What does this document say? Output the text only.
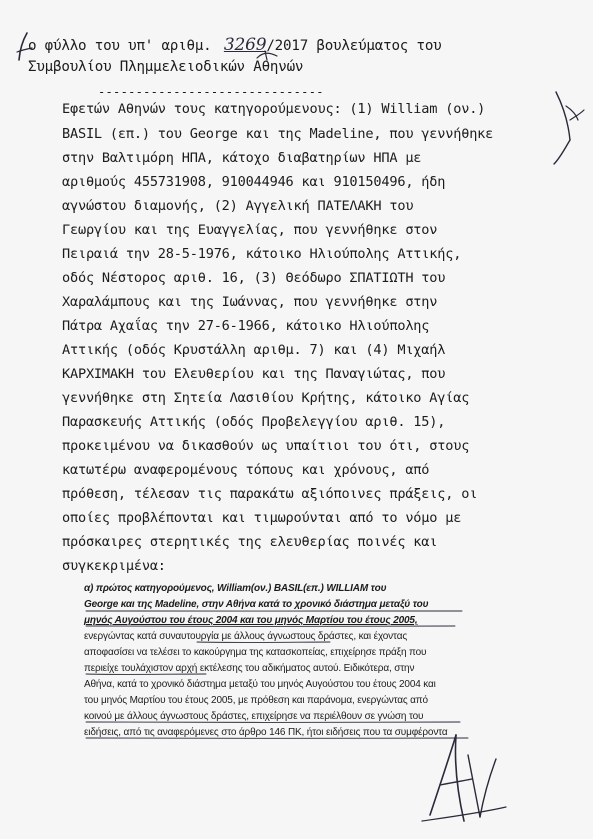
ο φύλλο του υπ' αριθμ. 3269/2017 βουλεύματος του
Συμβουλίου Πλημμελειοδικών Αθηνών
------------------------------
Εφετών Αθηνών τους κατηγορούμενους: (1) William (ον.)
BASIL (επ.) του George και της Madeline, που γεννήθηκε
στην Βαλτιμόρη ΗΠΑ, κάτοχο διαβατηρίων ΗΠΑ με
αριθμούς 455731908, 910044946 και 910150496, ήδη
αγνώστου διαμονής, (2) Αγγελική ΠΑΤΕΛΑΚΗ του
Γεωργίου και της Ευαγγελίας, που γεννήθηκε στον
Πειραιά την 28-5-1976, κάτοικο Ηλιούπολης Αττικής,
οδός Νέστορος αριθ. 16, (3) Θεόδωρο ΣΠΑΤΙΩΤΗ του
Χαραλάμπους και της Ιωάννας, που γεννήθηκε στην
Πάτρα Αχαΐας την 27-6-1966, κάτοικο Ηλιούπολης
Αττικής (οδός Κρυστάλλη αριθμ. 7) και (4) Μιχαήλ
ΚΑΡΧΙΜΑΚΗ του Ελευθερίου και της Παναγιώτας, που
γεννήθηκε στη Σητεία Λασιθίου Κρήτης, κάτοικο Αγίας
Παρασκευής Αττικής (οδός Προβελεγγίου αριθ. 15),
προκειμένου να δικασθούν ως υπαίτιοι του ότι, στους
κατωτέρω αναφερομένους τόπους και χρόνους, από
πρόθεση, τέλεσαν τις παρακάτω αξιόποινες πράξεις, οι
οποίες προβλέπονται και τιμωρούνται από το νόμο με
πρόσκαιρες στερητικές της ελευθερίας ποινές και
συγκεκριμένα:
α) πρώτος κατηγορούμενος, William(ον.) BASIL(επ.) WILLIAM του
George και της Madeline, στην Αθήνα κατά το χρονικό διάστημα μεταξύ του
μηνός Αυγούστου του έτους 2004 και του μηνός Μαρτίου του έτους 2005,
ενεργώντας κατά συναυτουργία με άλλους άγνωστους δράστες, και έχοντας
αποφασίσει να τελέσει το κακούργημα της κατασκοπείας, επιχείρησε πράξη που
περιείχε τουλάχιστον αρχή εκτέλεσης του αδικήματος αυτού. Ειδικότερα, στην
Αθήνα, κατά το χρονικό διάστημα μεταξύ του μηνός Αυγούστου του έτους 2004 και
του μηνός Μαρτίου του έτους 2005, με πρόθεση και παράνομα, ενεργώντας από
κοινού με άλλους άγνωστους δράστες, επιχείρησε να περιέλθουν σε γνώση του
ειδήσεις, από τις αναφερόμενες στο άρθρο 146 ΠΚ, ήτοι ειδήσεις που τα συμφέροντα
